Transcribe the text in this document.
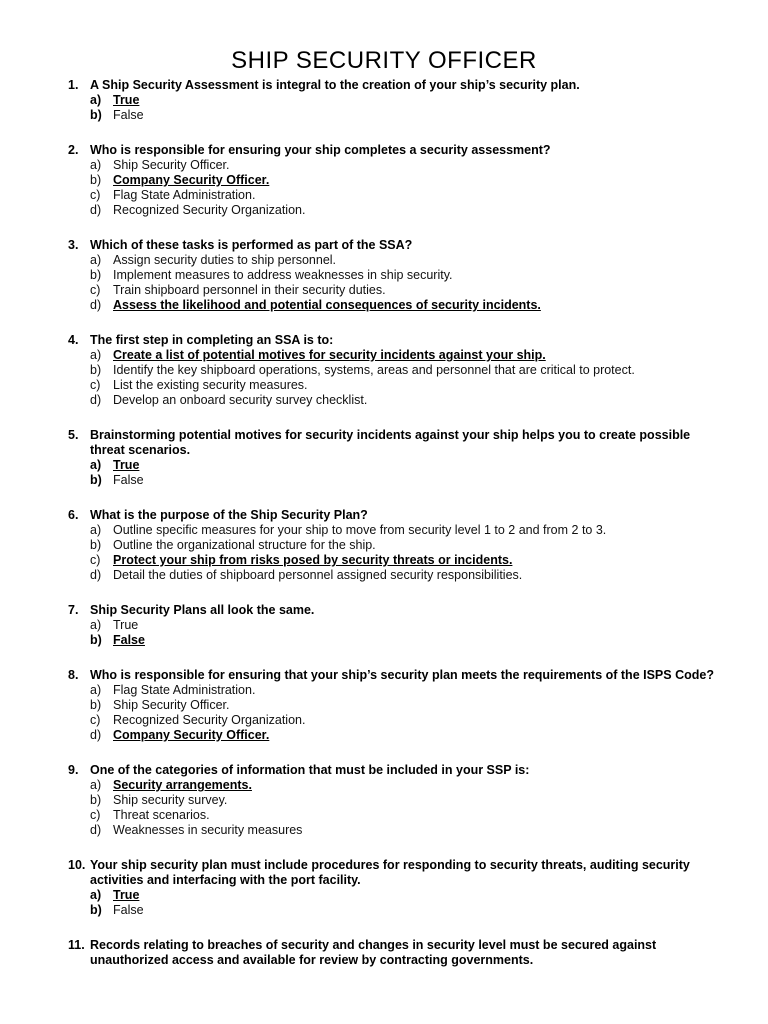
SHIP SECURITY OFFICER
1. A Ship Security Assessment is integral to the creation of your ship’s security plan.
a) True
b) False
2. Who is responsible for ensuring your ship completes a security assessment?
a) Ship Security Officer.
b) Company Security Officer.
c)	Flag State Administration.
d) Recognized Security Organization.
3. Which of these tasks is performed as part of the SSA?
a) Assign security duties to ship personnel.
b) Implement measures to address weaknesses in ship security.
c)	Train shipboard personnel in their security duties.
d) Assess the likelihood and potential consequences of security incidents.
4. The first step in completing an SSA is to:
a) Create a list of potential motives for security incidents against your ship.
b) Identify the key shipboard operations, systems, areas and personnel that are critical to protect.
c)	List the existing security measures.
d) Develop an onboard security survey checklist.
5. Brainstorming potential motives for security incidents against your ship helps you to create possible threat scenarios.
a) True
b) False
6. What is the purpose of the Ship Security Plan?
a) Outline specific measures for your ship to move from security level 1 to 2 and from 2 to 3.
b) Outline the organizational structure for the ship.
c)	Protect your ship from risks posed by security threats or incidents.
d) Detail the duties of shipboard personnel assigned security responsibilities.
7. Ship Security Plans all look the same.
a) True
b) False
8. Who is responsible for ensuring that your ship’s security plan meets the requirements of the ISPS Code?
a) Flag State Administration.
b) Ship Security Officer.
c)	Recognized Security Organization.
d) Company Security Officer.
9. One of the categories of information that must be included in your SSP is:
a) Security arrangements.
b) Ship security survey.
c)	Threat scenarios.
d) Weaknesses in security measures
10. Your ship security plan must include procedures for responding to security threats, auditing security activities and interfacing with the port facility.
a) True
b) False
11. Records relating to breaches of security and changes in security level must be secured against unauthorized access and available for review by contracting governments.
